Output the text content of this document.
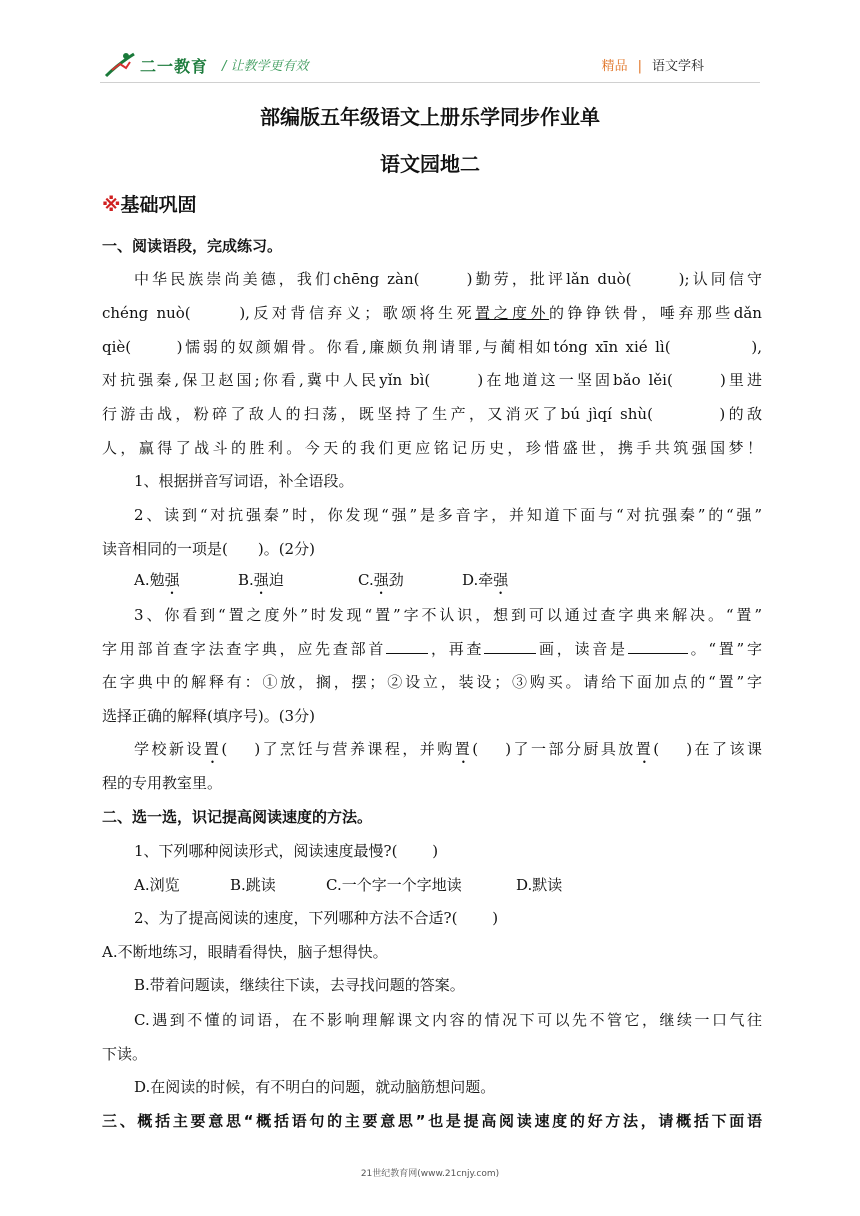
二一教育 / 让教学更有效	精品 | 语文学科
部编版五年级语文上册乐学同步作业单
语文园地二
※基础巩固
一、阅读语段，完成练习。
中华民族崇尚美德，我们chēng zàn(　　 )勤劳，批评lǎn duò(　　 );认同信守
chéng nuò(　　 ),反对背信弃义；歌颂将生死置之度外的铮铮铁骨，唾弃那些dǎn
qiè(　　 )懦弱的奴颜媚骨。你看,廉颇负荆请罪,与蔺相如tóng xīn xié lì(　　　　 ),
对抗强秦,保卫赵国;你看,冀中人民yǐn bì(　　 )在地道这一坚固bǎo lěi(　　 )里进
行游击战，粉碎了敌人的扫荡，既坚持了生产，又消灭了bú jìqí shù(　　　 )的敌
人，赢得了战斗的胜利。今天的我们更应铭记历史，珍惜盛世，携手共筑强国梦！
1、根据拼音写词语，补全语段。
2、读到“对抗强秦”时，你发现“强”是多音字，并知道下面与“对抗强秦”的“强”
读音相同的一项是(　　)。(2分)
A.勉强	B.强迫	C.强劲	D.牵强
3、你看到“置之度外”时发现“置”字不认识，想到可以通过查字典来解决。“置”
字用部首查字法查字典，应先查部首	，再查	画，读音是	。“置”字
在字典中的解释有：①放，搁，摆；②设立，装设；③购买。请给下面加点的“置”字
选择正确的解释(填序号)。(3分)
学校新设置(　 )了烹饪与营养课程，并购置(　 )了一部分厨具放置(　 )在了该课
程的专用教室里。
二、选一选，识记提高阅读速度的方法。
1、下列哪种阅读形式，阅读速度最慢?(　　 )
A.浏览	B.跳读	C.一个字一个字地读	D.默读
2、为了提高阅读的速度，下列哪种方法不合适?(　　 )
A.不断地练习，眼睛看得快，脑子想得快。
B.带着问题读，继续往下读，去寻找问题的答案。
C.遇到不懂的词语，在不影响理解课文内容的情况下可以先不管它，继续一口气往
下读。
D.在阅读的时候，有不明白的问题，就动脑筋想问题。
三、概括主要意思“概括语句的主要意思”也是提高阅读速度的好方法，请概括下面语
21世纪教育网(www.21cnjy.com)
